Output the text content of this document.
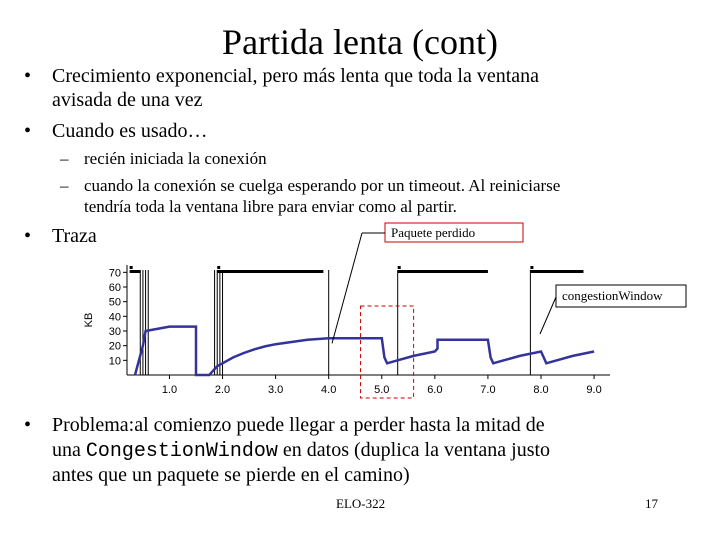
Partida lenta (cont)
• Crecimiento exponencial, pero más lenta que toda la ventana
avisada de una vez
• Cuando es usado…
– recién iniciada la conexión
– cuando la conexión se cuelga esperando por un timeout. Al reiniciarse
tendría toda la ventana libre para enviar como al partir.
• Traza
KB
70
60
50
40
30
20
10
1.0	2.0	3.0	4.0	5.0	6.0	7.0	8.0	9.0
Paquete perdido
congestionWindow
• Problema:al comienzo puede llegar a perder hasta la mitad de
una CongestionWindow en datos (duplica la ventana justo
antes que un paquete se pierde en el camino)
ELO-322	17
